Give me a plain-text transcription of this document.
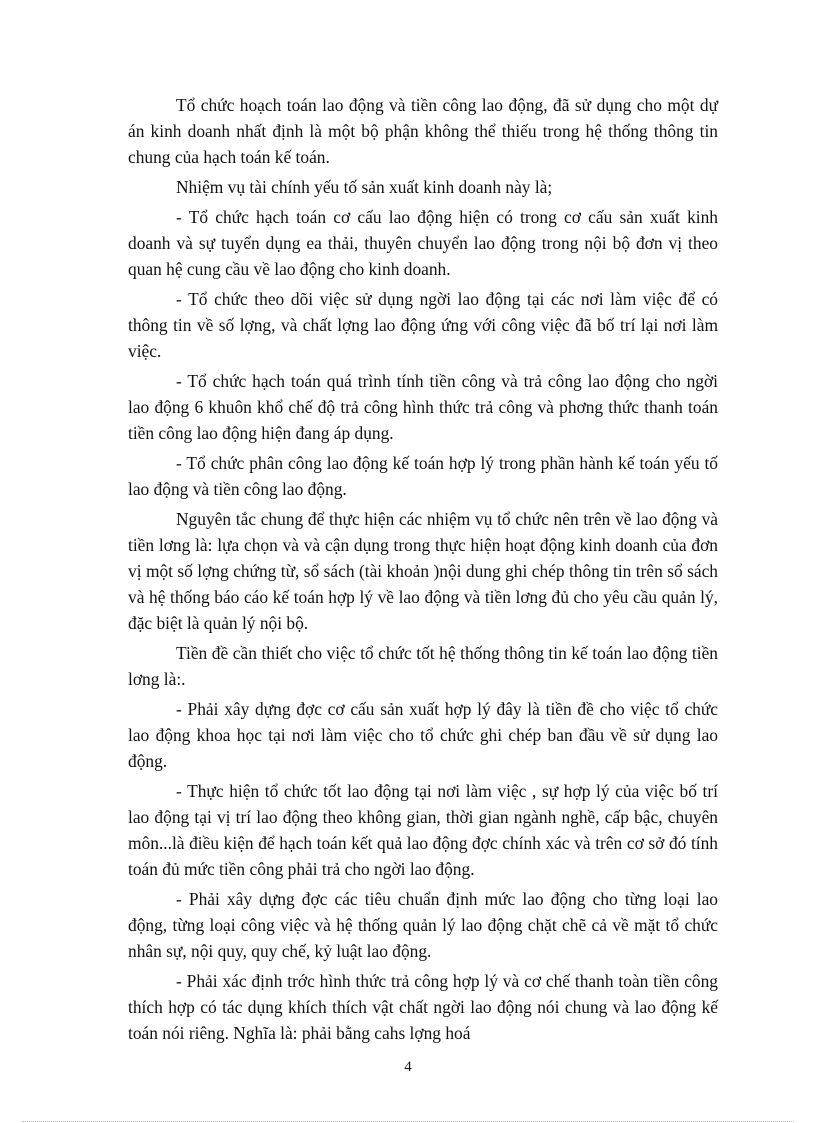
Tổ chức hoạch toán lao động và tiền công lao động, đã sử dụng cho một dự án kinh doanh nhất định là một bộ phận không thể thiếu trong hệ thống thông tin chung của hạch toán kế toán.

Nhiệm vụ tài chính yếu tố sản xuất kinh doanh này là;

- Tổ chức hạch toán cơ cấu lao động hiện có trong cơ cấu sản xuất kinh doanh và sự tuyển dụng ea thải, thuyên chuyển lao động trong nội bộ đơn vị theo quan hệ cung cầu về lao động cho kinh doanh.

- Tổ chức theo dõi việc sử dụng ngời lao động tại các nơi làm việc để có thông tin về số lợng, và chất lợng lao động ứng với công việc đã bố trí lại nơi làm việc.

- Tổ chức hạch toán quá trình tính tiền công và trả công lao động cho ngời lao động 6 khuôn khổ chế độ trả công hình thức trả công và phơng thức thanh toán tiền công lao động hiện đang áp dụng.

- Tổ chức phân công lao động kế toán hợp lý trong phần hành kế toán yếu tố lao động và tiền công lao động.

Nguyên tắc chung để thực hiện các nhiệm vụ tổ chức nên trên về lao động và tiền lơng là: lựa chọn và và cận dụng trong thực hiện hoạt động kinh doanh của đơn vị một số lợng chứng từ, sổ sách (tài khoản )nội dung ghi chép thông tin trên sổ sách và hệ thống báo cáo kế toán hợp lý về lao động và tiền lơng đủ cho yêu cầu quản lý, đặc biệt là quản lý nội bộ.

Tiền đề cần thiết cho việc tổ chức tốt hệ thống thông tin kế toán lao động tiền lơng là:.

- Phải xây dựng đợc cơ cấu sản xuất hợp lý đây là tiền đề cho việc tổ chức lao động khoa học tại nơi làm việc cho tổ chức ghi chép ban đầu về sử dụng lao động.

- Thực hiện tổ chức tốt lao động tại nơi làm việc , sự hợp lý của việc bố trí lao động tại vị trí lao động theo không gian, thời gian ngành nghề, cấp bậc, chuyên môn...là điều kiện để hạch toán kết quả lao động đợc chính xác và trên cơ sở đó tính toán đủ mức tiền công phải trả cho ngời lao động.

- Phải xây dựng đợc các tiêu chuẩn định mức lao động cho từng loại lao động, từng loại công việc và hệ thống quản lý lao động chặt chẽ cả về mặt tổ chức nhân sự, nội quy, quy chế, kỷ luật lao động.

- Phải xác định trớc hình thức trả công hợp lý và cơ chế thanh toàn tiền công thích hợp có tác dụng khích thích vật chất ngời lao động nói chung và lao động kế toán nói riêng. Nghĩa là: phải bằng cahs lợng hoá

4
